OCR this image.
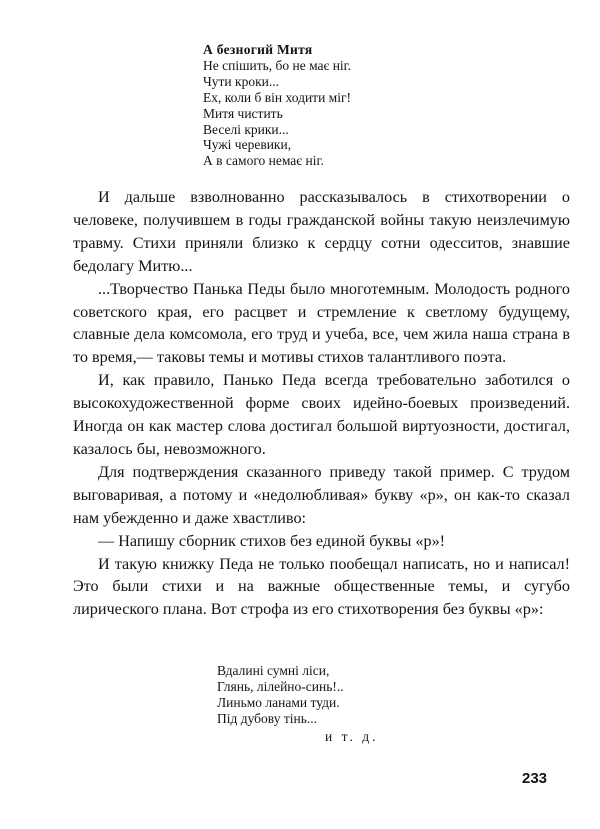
А безногий Митя
Не спішить, бо не має ніг.
Чути кроки...
Ех, коли б він ходити міг!
Митя чистить
Веселі крики...
Чужі черевики,
А в самого немає ніг.

И дальше взволнованно рассказывалось в стихотворении о человеке, получившем в годы гражданской войны такую неизлечимую травму. Стихи приняли близко к сердцу сотни одесситов, знавшие бедолагу Митю...

...Творчество Панька Педы было многотемным. Молодость родного советского края, его расцвет и стремление к светлому будущему, славные дела комсомола, его труд и учеба, все, чем жила наша страна в то время,— таковы темы и мотивы стихов талантливого поэта.

И, как правило, Панько Педа всегда требовательно заботился о высокохудожественной форме своих идейно-боевых произведений. Иногда он как мастер слова достигал большой виртуозности, достигал, казалось бы, невозможного.

Для подтверждения сказанного приведу такой пример. С трудом выговаривая, а потому и «недолюбливая» букву «р», он как-то сказал нам убежденно и даже хвастливо:

— Напишу сборник стихов без единой буквы «р»!

И такую книжку Педа не только пообещал написать, но и написал! Это были стихи и на важные общественные темы, и сугубо лирического плана. Вот строфа из его стихотворения без буквы «р»:

Вдалині сумні ліси,
Глянь, лілейно-синь!..
Линьмо ланами туди.
Під дубову тінь...
и т. д.
233
